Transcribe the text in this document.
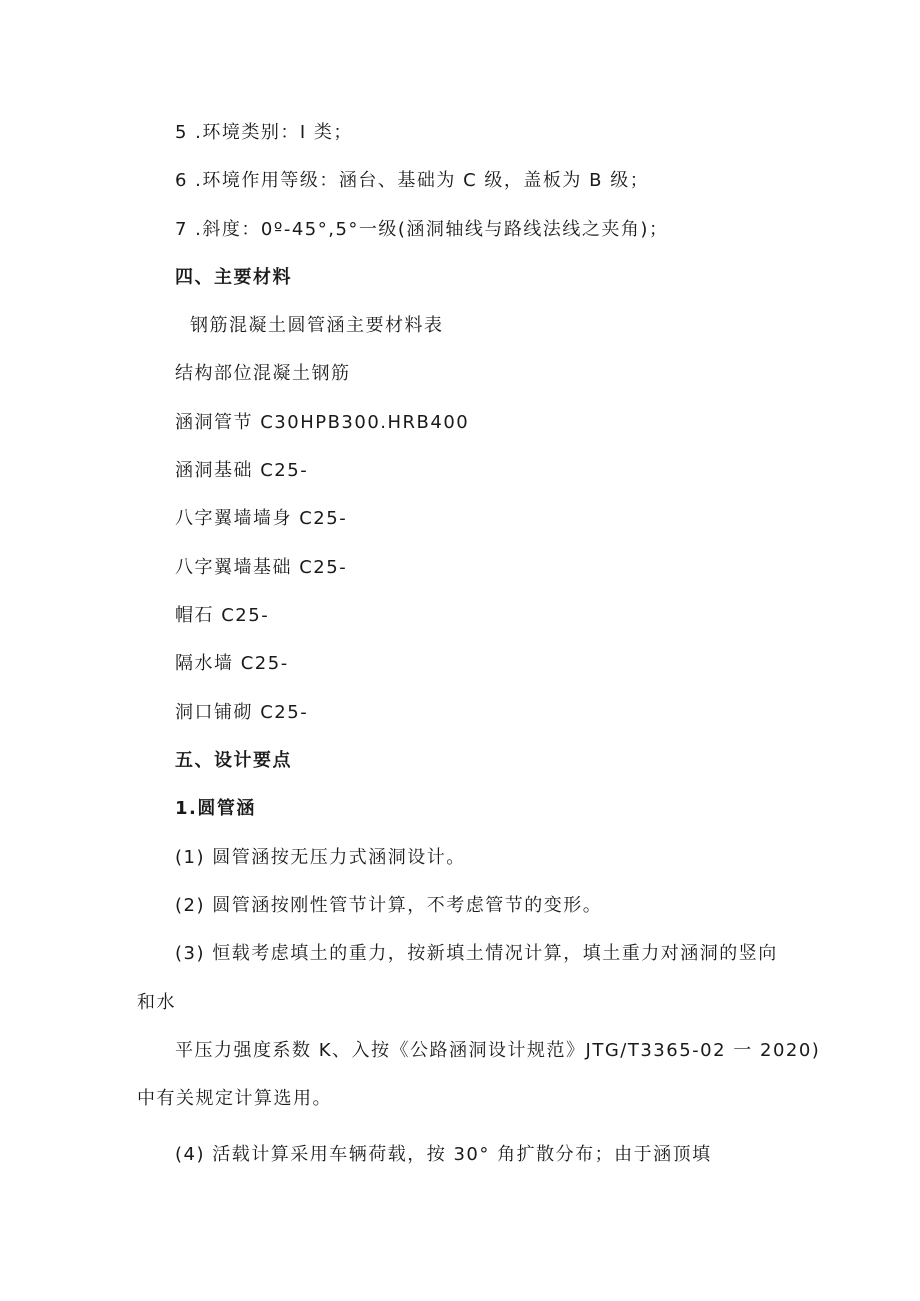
5 .环境类别：I 类；
6 .环境作用等级：涵台、基础为 C 级，盖板为 B 级；
7 .斜度：0º-45°,5°一级(涵洞轴线与路线法线之夹角)；
四、主要材料
钢筋混凝土圆管涵主要材料表
结构部位混凝土钢筋
涵洞管节 C30HPB300.HRB400
涵洞基础 C25-
八字翼墙墙身 C25-
八字翼墙基础 C25-
帽石 C25-
隔水墙 C25-
洞口铺砌 C25-
五、设计要点
1.圆管涵
(1) 圆管涵按无压力式涵洞设计。
(2) 圆管涵按刚性管节计算，不考虑管节的变形。
(3) 恒载考虑填土的重力，按新填土情况计算，填土重力对涵洞的竖向
和水
平压力强度系数 K、入按《公路涵洞设计规范》JTG/T3365-02 一 2020)
中有关规定计算选用。
(4) 活载计算采用车辆荷载，按 30° 角扩散分布；由于涵顶填
